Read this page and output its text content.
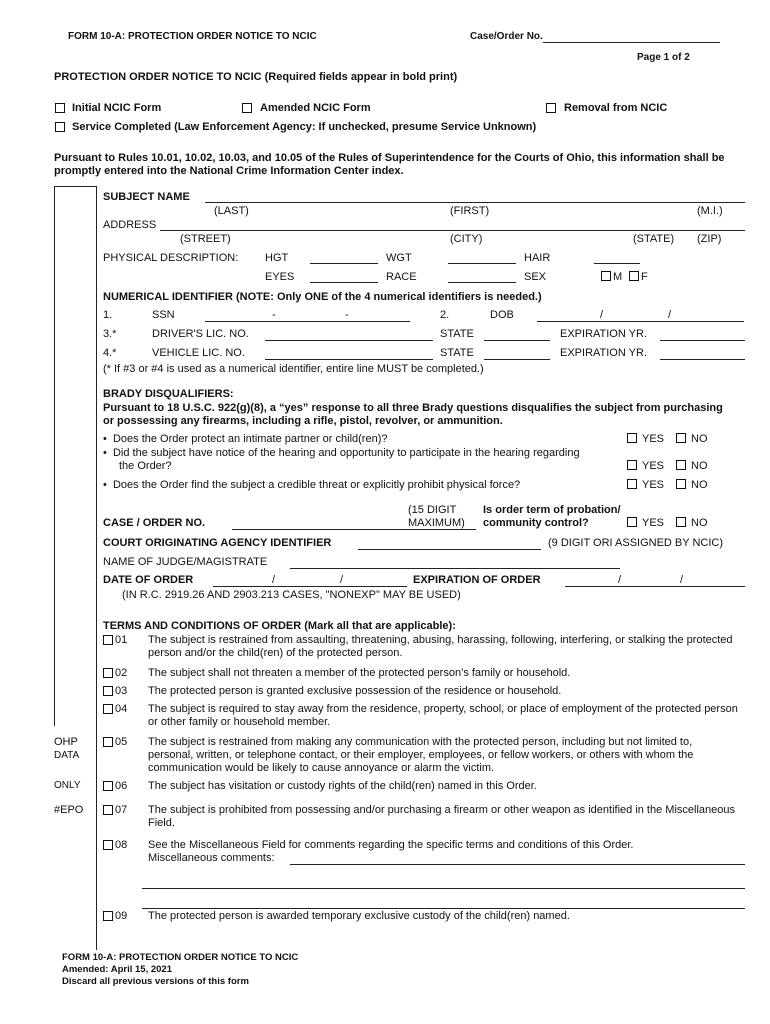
FORM 10-A: PROTECTION ORDER NOTICE TO NCIC	Case/Order No.
Page 1 of 2
PROTECTION ORDER NOTICE TO NCIC (Required fields appear in bold print)
Initial NCIC Form	Amended NCIC Form	Removal from NCIC
Service Completed (Law Enforcement Agency: If unchecked, presume Service Unknown)
Pursuant to Rules 10.01, 10.02, 10.03, and 10.05 of the Rules of Superintendence for the Courts of Ohio, this information shall be promptly entered into the National Crime Information Center index.
SUBJECT NAME
(LAST)	(FIRST)	(M.I.)
ADDRESS
(STREET)	(CITY)	(STATE) (ZIP)
PHYSICAL DESCRIPTION: HGT	WGT	HAIR
EYES	RACE	SEX	M F
NUMERICAL IDENTIFIER (NOTE: Only ONE of the 4 numerical identifiers is needed.)
1.	SSN	-	-	2.	DOB	/	/
3.*	DRIVER'S LIC. NO.	STATE	EXPIRATION YR.
4.*	VEHICLE LIC. NO.	STATE	EXPIRATION YR.
(* If #3 or #4 is used as a numerical identifier, entire line MUST be completed.)
BRADY DISQUALIFIERS:
Pursuant to 18 U.S.C. 922(g)(8), a “yes” response to all three Brady questions disqualifies the subject from purchasing or possessing any firearms, including a rifle, pistol, revolver, or ammunition.
•  Does the Order protect an intimate partner or child(ren)?	YES NO
•  Did the subject have notice of the hearing and opportunity to participate in the hearing regarding
the Order?	YES NO
•  Does the Order find the subject a credible threat or explicitly prohibit physical force?	YES NO
(15 DIGIT
MAXIMUM)
CASE / ORDER NO.
Is order term of probation/
community control?	YES NO
COURT ORIGINATING AGENCY IDENTIFIER	(9 DIGIT ORI ASSIGNED BY NCIC)
NAME OF JUDGE/MAGISTRATE
DATE OF ORDER	/	/	EXPIRATION OF ORDER	/	/
(IN R.C. 2919.26 AND 2903.213 CASES, "NONEXP" MAY BE USED)
TERMS AND CONDITIONS OF ORDER (Mark all that are applicable):
01 The subject is restrained from assaulting, threatening, abusing, harassing, following, interfering, or stalking the protected person and/or the child(ren) of the protected person.
02 The subject shall not threaten a member of the protected person’s family or household.
03 The protected person is granted exclusive possession of the residence or household.
04 The subject is required to stay away from the residence, property, school, or place of employment of the protected person or other family or household member.
OHP
DATA
ONLY
#EPO
05 The subject is restrained from making any communication with the protected person, including but not limited to, personal, written, or telephone contact, or their employer, employees, or fellow workers, or others with whom the communication would be likely to cause annoyance or alarm the victim.
06 The subject has visitation or custody rights of the child(ren) named in this Order.
07 The subject is prohibited from possessing and/or purchasing a firearm or other weapon as identified in the Miscellaneous Field.
08 See the Miscellaneous Field for comments regarding the specific terms and conditions of this Order.
Miscellaneous comments:
09 The protected person is awarded temporary exclusive custody of the child(ren) named.
FORM 10-A: PROTECTION ORDER NOTICE TO NCIC
Amended: April 15, 2021
Discard all previous versions of this form
